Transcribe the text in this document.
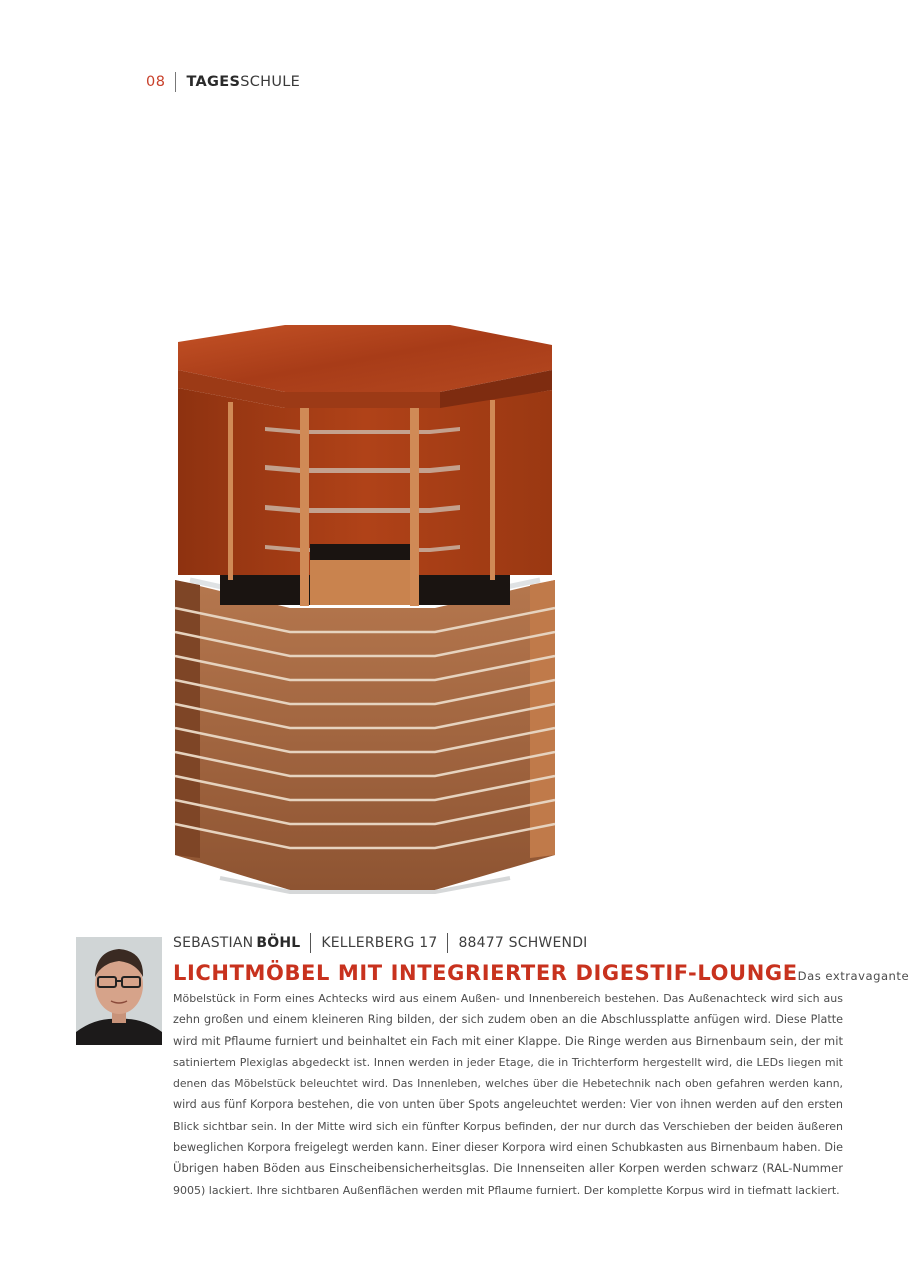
08 TAGESSCHULE
SEBASTIAN BÖHL KELLERBERG 17 88477 SCHWENDI
LICHTMÖBEL MIT INTEGRIERTER DIGESTIF-LOUNGE Das extravagante
Möbelstück in Form eines Achtecks wird aus einem Außen- und Innenbereich bestehen. Das Außenachteck wird sich aus
zehn großen und einem kleineren Ring bilden, der sich zudem oben an die Abschlussplatte anfügen wird. Diese Platte
wird mit Pflaume furniert und beinhaltet ein Fach mit einer Klappe. Die Ringe werden aus Birnenbaum sein, der mit
satiniertem Plexiglas abgedeckt ist. Innen werden in jeder Etage, die in Trichterform hergestellt wird, die LEDs liegen mit
denen das Möbelstück beleuchtet wird. Das Innenleben, welches über die Hebetechnik nach oben gefahren werden kann,
wird aus fünf Korpora bestehen, die von unten über Spots angeleuchtet werden: Vier von ihnen werden auf den ersten
Blick sichtbar sein. In der Mitte wird sich ein fünfter Korpus befinden, der nur durch das Verschieben der beiden äußeren
beweglichen Korpora freigelegt werden kann. Einer dieser Korpora wird einen Schubkasten aus Birnenbaum haben. Die
Übrigen haben Böden aus Einscheibensicherheitsglas. Die Innenseiten aller Korpen werden schwarz (RAL-Nummer
9005) lackiert. Ihre sichtbaren Außenflächen werden mit Pflaume furniert. Der komplette Korpus wird in tiefmatt lackiert.
